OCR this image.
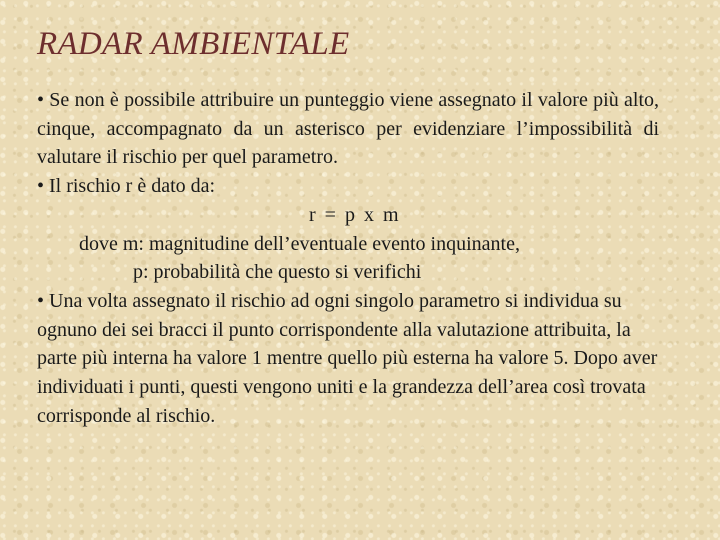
RADAR AMBIENTALE

• Se non è possibile attribuire un punteggio viene assegnato il valore più alto, cinque, accompagnato da un asterisco per evidenziare l’impossibilità di valutare il rischio per quel parametro.

• Il rischio r è dato da:

r = p x m

dove m: magnitudine dell’eventuale evento inquinante,

p: probabilità che questo si verifichi

• Una volta assegnato il rischio ad ogni singolo parametro si individua su ognuno dei sei bracci il punto corrispondente alla valutazione attribuita, la parte più interna ha valore 1 mentre quello più esterna ha valore 5. Dopo aver individuati i punti, questi vengono uniti e la grandezza dell’area così trovata corrisponde al rischio.
